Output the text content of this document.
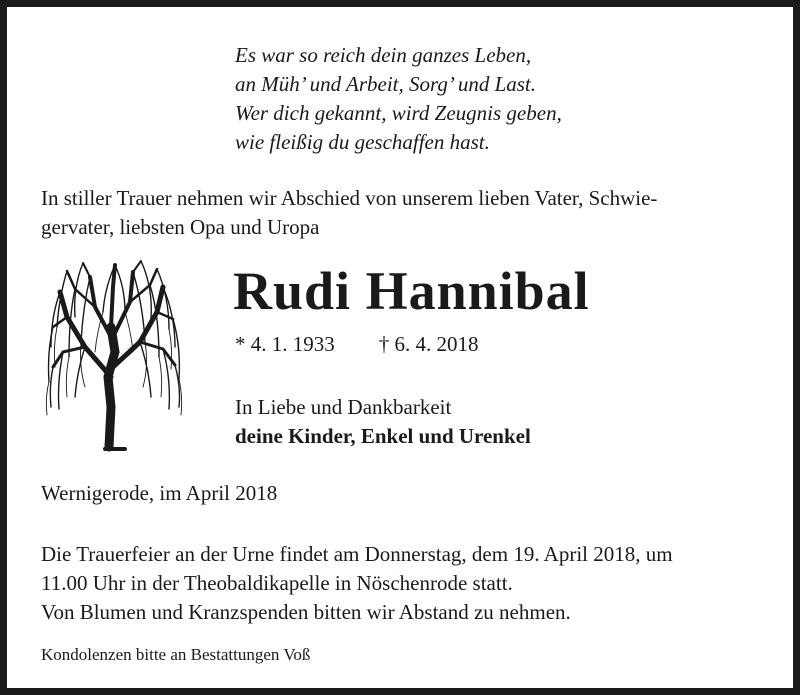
Es war so reich dein ganzes Leben,
an Müh’ und Arbeit, Sorg’ und Last.
Wer dich gekannt, wird Zeugnis geben,
wie fleißig du geschaffen hast.
In stiller Trauer nehmen wir Abschied von unserem lieben Vater, Schwie-
gervater, liebsten Opa und Uropa
Rudi Hannibal
* 4. 1. 1933 † 6. 4. 2018
In Liebe und Dankbarkeit
deine Kinder, Enkel und Urenkel
Wernigerode, im April 2018
Die Trauerfeier an der Urne findet am Donnerstag, dem 19. April 2018, um
11.00 Uhr in der Theobaldikapelle in Nöschenrode statt.
Von Blumen und Kranzspenden bitten wir Abstand zu nehmen.
Kondolenzen bitte an Bestattungen Voß
